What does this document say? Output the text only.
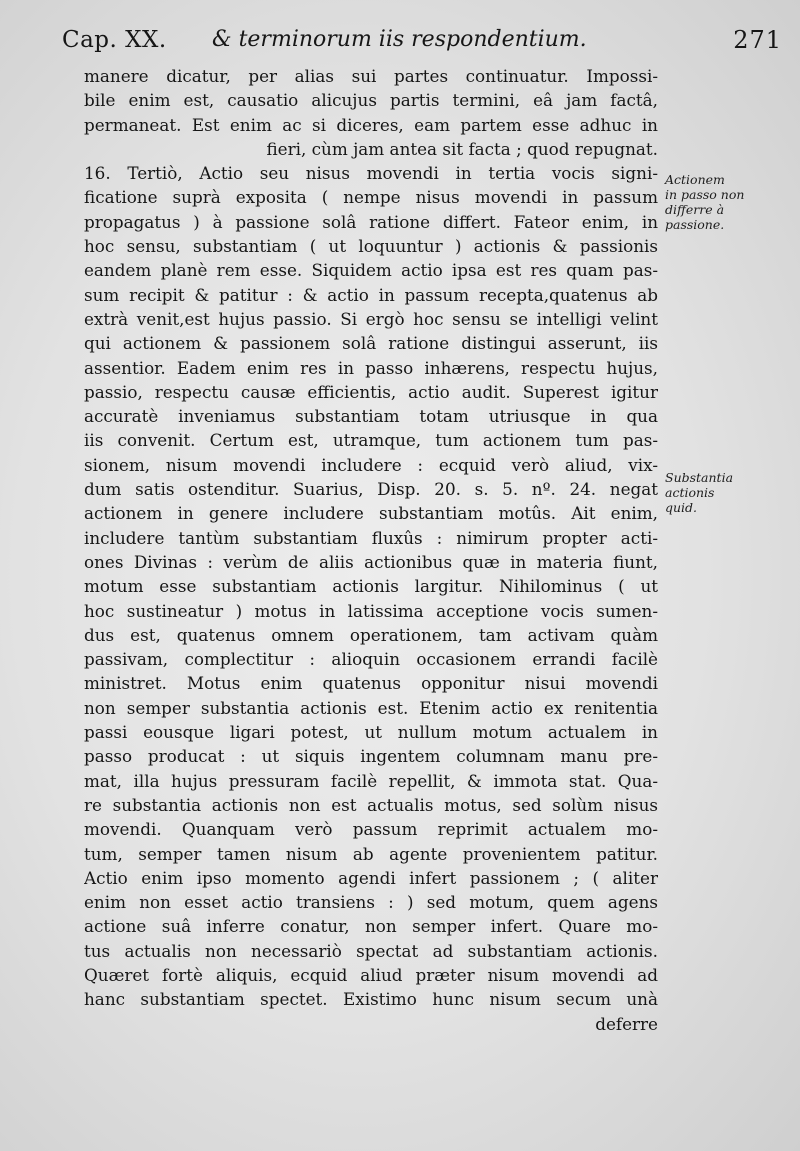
Cap. XX. & terminorum iis respondentium.	271
manere dicatur, per alias sui partes continuatur. Impossi-
bile enim est, causatio alicujus partis termini, eâ jam factâ,
permaneat. Est enim ac si diceres, eam partem esse adhuc in
fieri, cùm jam antea sit facta ; quod repugnat.
16. Tertiò, Actio seu nisus movendi in tertia vocis signi-
ficatione suprà exposita ( nempe nisus movendi in passum
propagatus ) à passione solâ ratione differt. Fateor enim, in
hoc sensu, substantiam ( ut loquuntur ) actionis & passionis
eandem planè rem esse. Siquidem actio ipsa est res quam pas-
sum recipit & patitur : & actio in passum recepta,quatenus ab
extrà venit,est hujus passio. Si ergò hoc sensu se intelligi velint
qui actionem & passionem solâ ratione distingui asserunt, iis
assentior. Eadem enim res in passo inhærens, respectu hujus,
passio, respectu causæ efficientis, actio audit. Superest igitur
accuratè inveniamus substantiam totam utriusque in qua
iis convenit. Certum est, utramque, tum actionem tum pas-
sionem, nisum movendi includere : ecquid verò aliud, vix-
dum satis ostenditur. Suarius, Disp. 20. s. 5. nº. 24. negat
actionem in genere includere substantiam motûs. Ait enim,
includere tantùm substantiam fluxûs : nimirum propter acti-
ones Divinas : verùm de aliis actionibus quæ in materia fiunt,
motum esse substantiam actionis largitur. Nihilominus ( ut
hoc sustineatur ) motus in latissima acceptione vocis sumen-
dus est, quatenus omnem operationem, tam activam quàm
passivam, complectitur : alioquin occasionem errandi facilè
ministret. Motus enim quatenus opponitur nisui movendi
non semper substantia actionis est. Etenim actio ex renitentia
passi eousque ligari potest, ut nullum motum actualem in
passo producat : ut siquis ingentem columnam manu pre-
mat, illa hujus pressuram facilè repellit, & immota stat. Qua-
re substantia actionis non est actualis motus, sed solùm nisus
movendi. Quanquam verò passum reprimit actualem mo-
tum, semper tamen nisum ab agente provenientem patitur.
Actio enim ipso momento agendi infert passionem ; ( aliter
enim non esset actio transiens : ) sed motum, quem agens
actione suâ inferre conatur, non semper infert. Quare mo-
tus actualis non necessariò spectat ad substantiam actionis.
Quæret fortè aliquis, ecquid aliud præter nisum movendi ad
hanc substantiam spectet. Existimo hunc nisum secum unà
deferre
Actionem
in passo non
differre à
passione.
Substantia
actionis
quid.
